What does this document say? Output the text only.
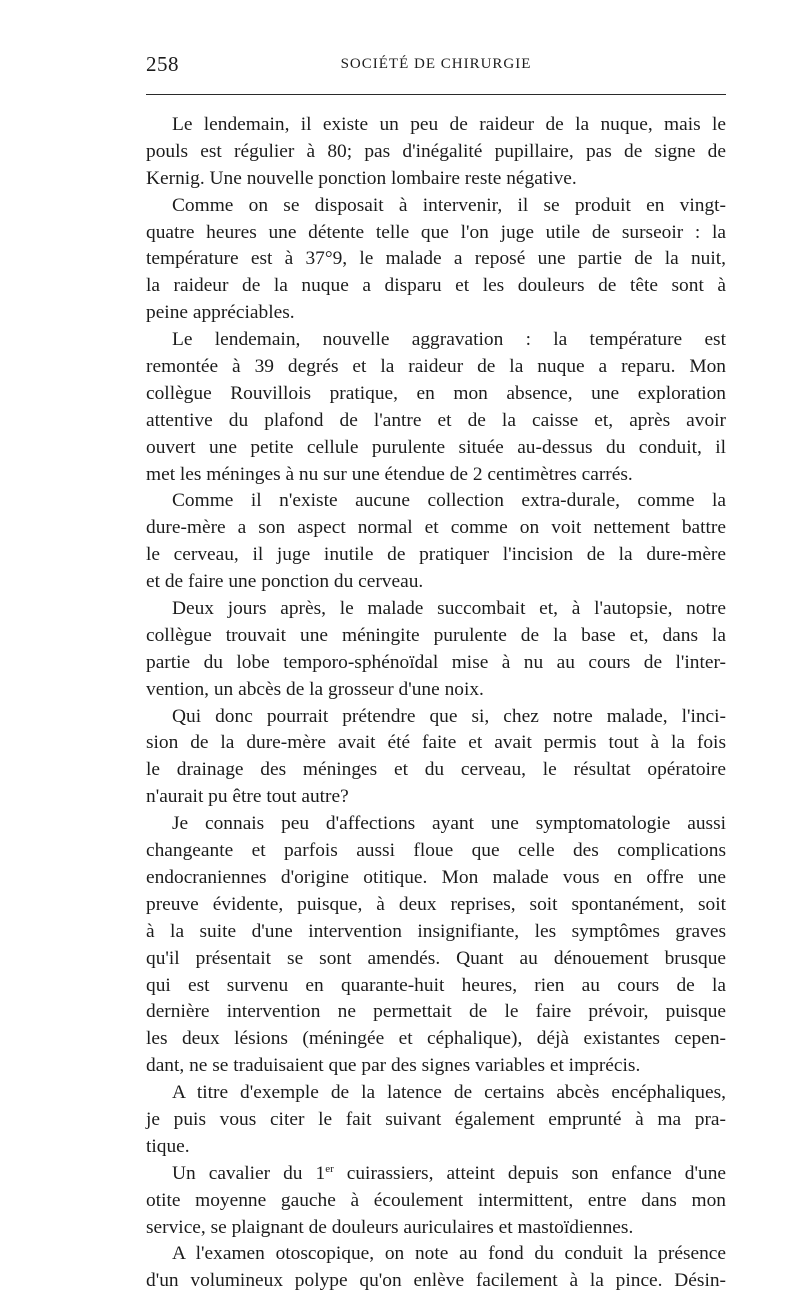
258	SOCIÉTÉ DE CHIRURGIE
Le lendemain, il existe un peu de raideur de la nuque, mais le
pouls est régulier à 80; pas d'inégalité pupillaire, pas de signe de
Kernig. Une nouvelle ponction lombaire reste négative.
Comme on se disposait à intervenir, il se produit en vingt-
quatre heures une détente telle que l'on juge utile de surseoir : la
température est à 37°9, le malade a reposé une partie de la nuit,
la raideur de la nuque a disparu et les douleurs de tête sont à
peine appréciables.
Le lendemain, nouvelle aggravation : la température est
remontée à 39 degrés et la raideur de la nuque a reparu. Mon
collègue Rouvillois pratique, en mon absence, une exploration
attentive du plafond de l'antre et de la caisse et, après avoir
ouvert une petite cellule purulente située au-dessus du conduit, il
met les méninges à nu sur une étendue de 2 centimètres carrés.
Comme il n'existe aucune collection extra-durale, comme la
dure-mère a son aspect normal et comme on voit nettement battre
le cerveau, il juge inutile de pratiquer l'incision de la dure-mère
et de faire une ponction du cerveau.
Deux jours après, le malade succombait et, à l'autopsie, notre
collègue trouvait une méningite purulente de la base et, dans la
partie du lobe temporo-sphénoïdal mise à nu au cours de l'inter-
vention, un abcès de la grosseur d'une noix.
Qui donc pourrait prétendre que si, chez notre malade, l'inci-
sion de la dure-mère avait été faite et avait permis tout à la fois
le drainage des méninges et du cerveau, le résultat opératoire
n'aurait pu être tout autre?
Je connais peu d'affections ayant une symptomatologie aussi
changeante et parfois aussi floue que celle des complications
endocraniennes d'origine otitique. Mon malade vous en offre une
preuve évidente, puisque, à deux reprises, soit spontanément, soit
à la suite d'une intervention insignifiante, les symptômes graves
qu'il présentait se sont amendés. Quant au dénouement brusque
qui est survenu en quarante-huit heures, rien au cours de la
dernière intervention ne permettait de le faire prévoir, puisque
les deux lésions (méningée et céphalique), déjà existantes cepen-
dant, ne se traduisaient que par des signes variables et imprécis.
A titre d'exemple de la latence de certains abcès encéphaliques,
je puis vous citer le fait suivant également emprunté à ma pra-
tique.
Un cavalier du 1er cuirassiers, atteint depuis son enfance d'une
otite moyenne gauche à écoulement intermittent, entre dans mon
service, se plaignant de douleurs auriculaires et mastoïdiennes.
A l'examen otoscopique, on note au fond du conduit la présence
d'un volumineux polype qu'on enlève facilement à la pince. Désin-
